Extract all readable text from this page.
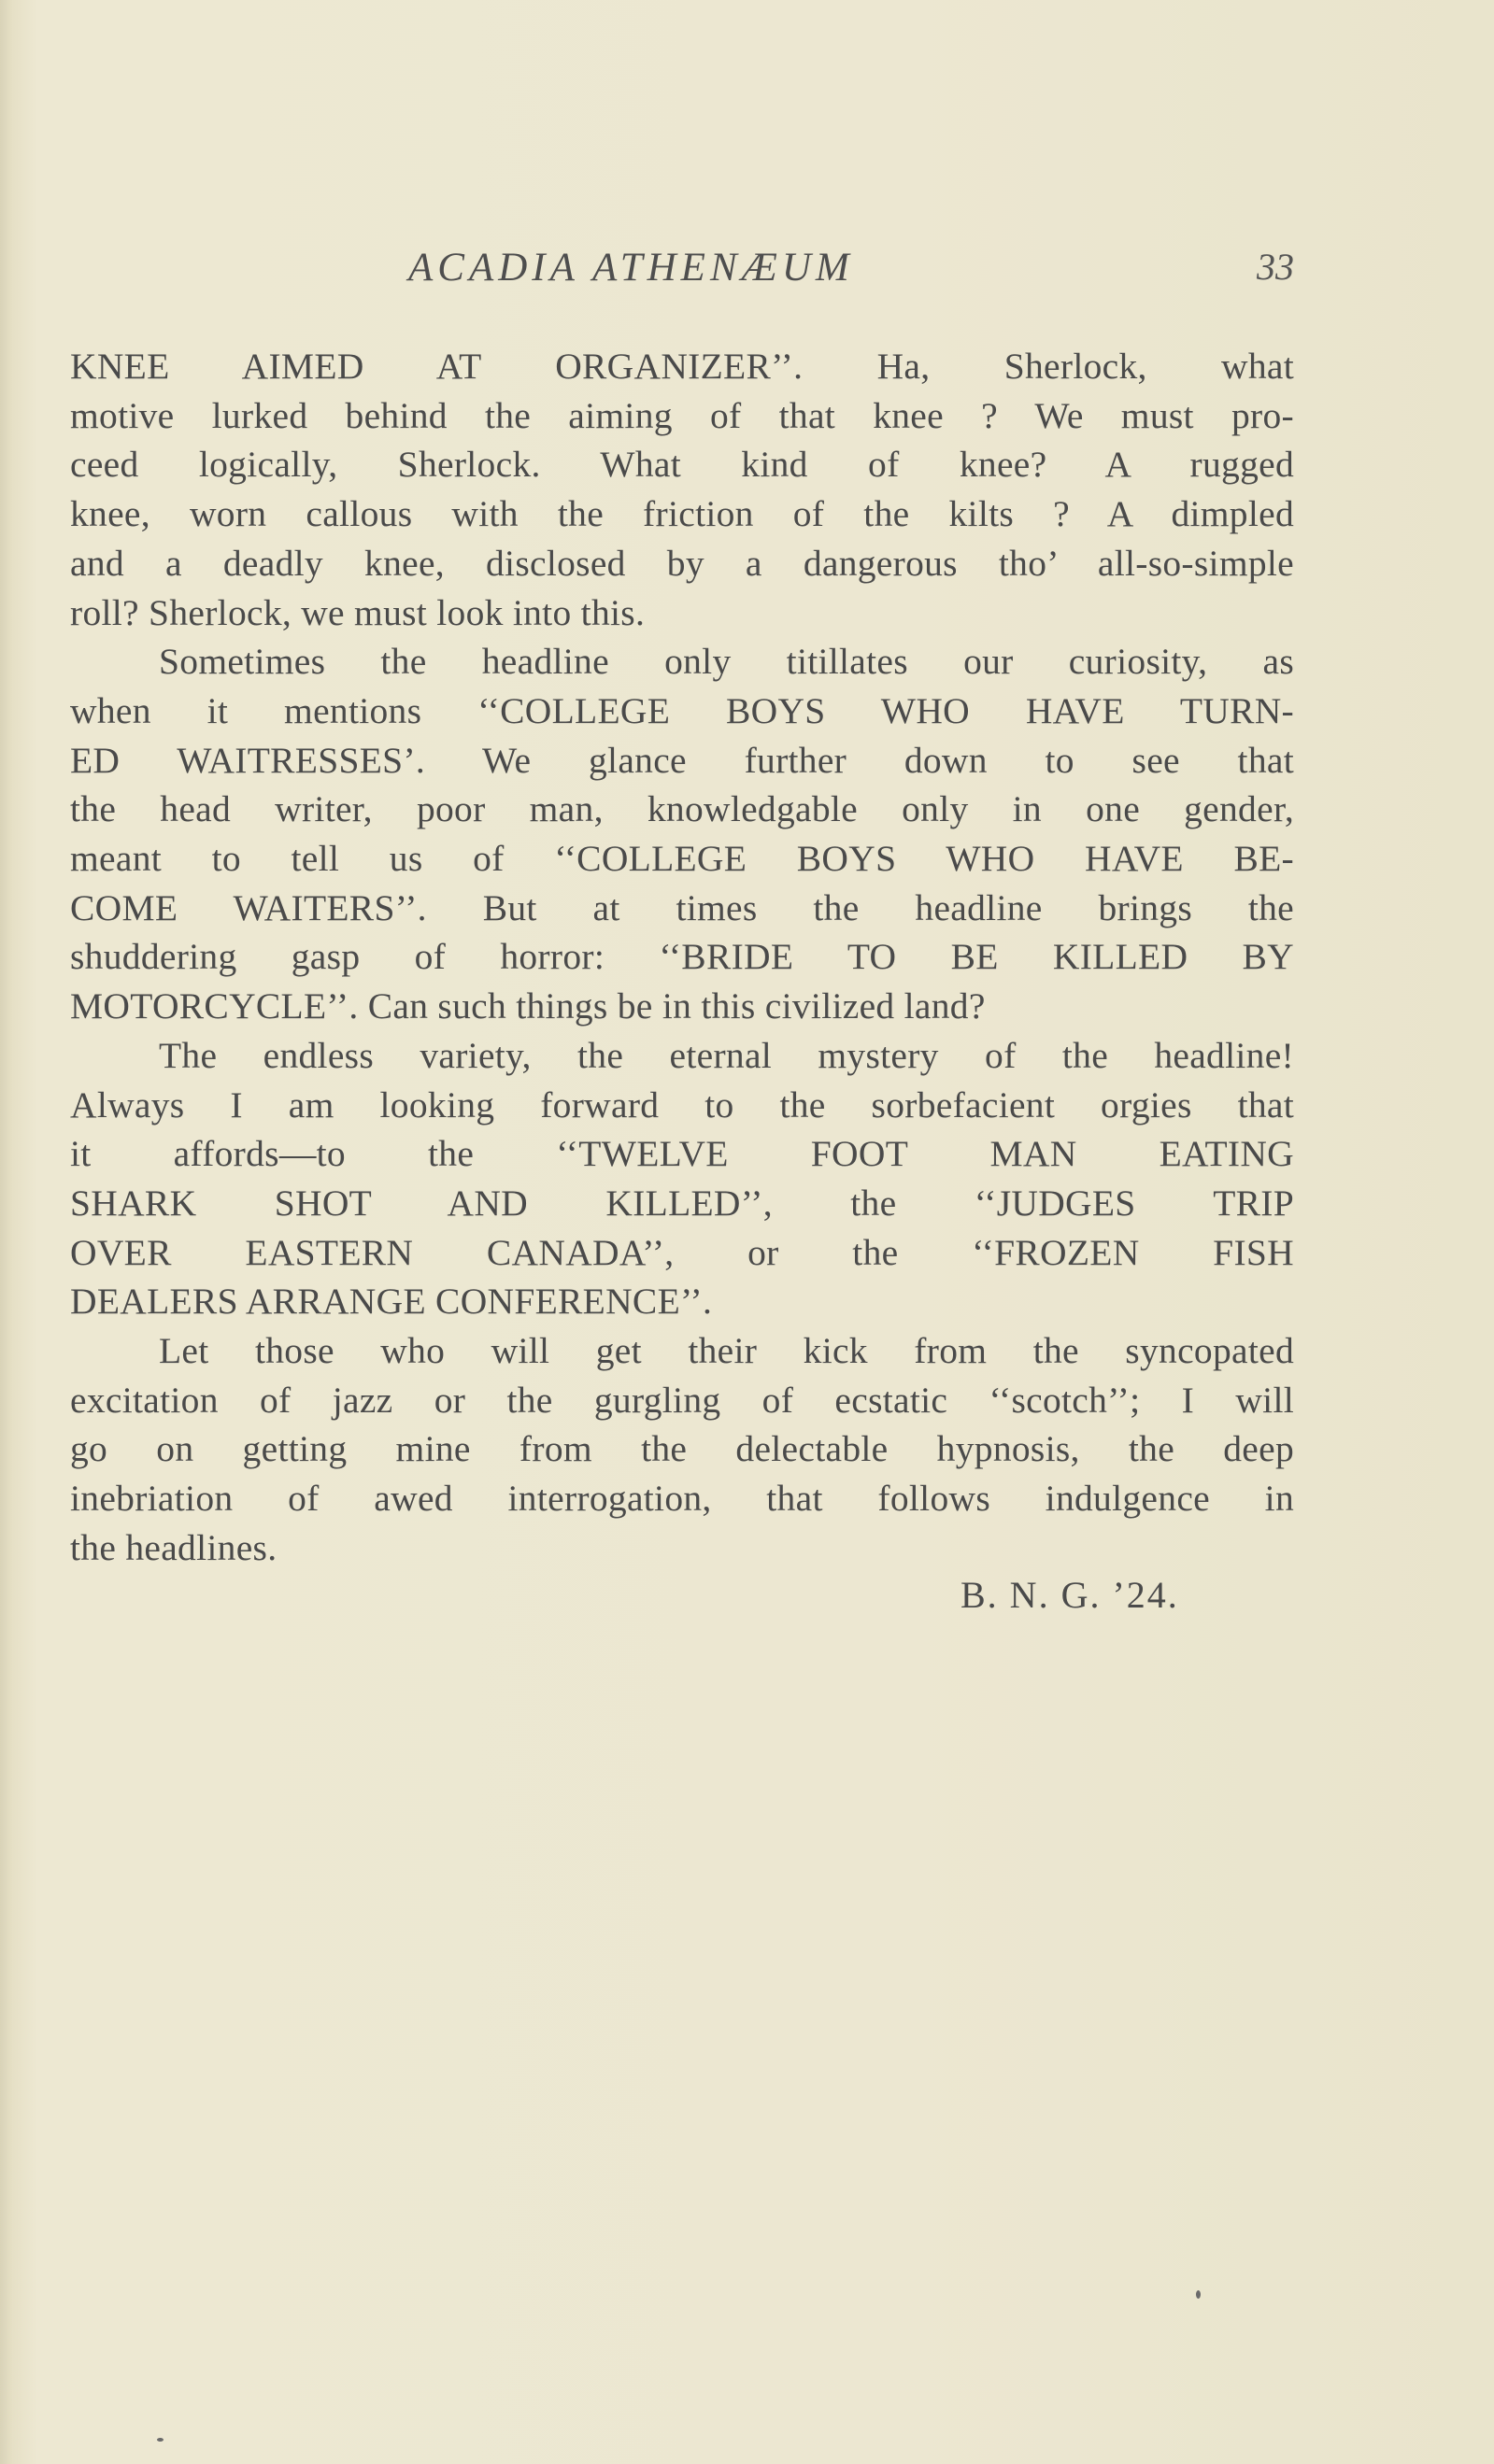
ACADIA ATHENÆUM	33

KNEE AIMED AT ORGANIZER’’. Ha, Sherlock, what
motive lurked behind the aiming of that knee ? We must pro-
ceed logically, Sherlock. What kind of knee? A rugged
knee, worn callous with the friction of the kilts ? A dimpled
and a deadly knee, disclosed by a dangerous tho’ all-so-simple

roll? Sherlock, we must look into this.

Sometimes the headline only titillates our curiosity, as
when it mentions ‘‘COLLEGE BOYS WHO HAVE TURN-
ED WAITRESSES’. We glance further down to see that
the head writer, poor man, knowledgable only in one gender,
meant to tell us of ‘‘COLLEGE BOYS WHO HAVE BE-
COME WAITERS’’. But at times the headline brings the
shuddering gasp of horror: ‘‘BRIDE TO BE KILLED BY

MOTORCYCLE’’. Can such things be in this civilized land?

The endless variety, the eternal mystery of the headline!
Always I am looking forward to the sorbefacient orgies that
it affords—to the ‘‘TWELVE FOOT MAN EATING
SHARK SHOT AND KILLED’’, the ‘‘JUDGES TRIP
OVER EASTERN CANADA’’, or the ‘‘FROZEN FISH

DEALERS ARRANGE CONFERENCE’’.

Let those who will get their kick from the syncopated
excitation of jazz or the gurgling of ecstatic ‘‘scotch’’; I will
go on getting mine from the delectable hypnosis, the deep
inebriation of awed interrogation, that follows indulgence in

the headlines.

B. N. G. ’24.
